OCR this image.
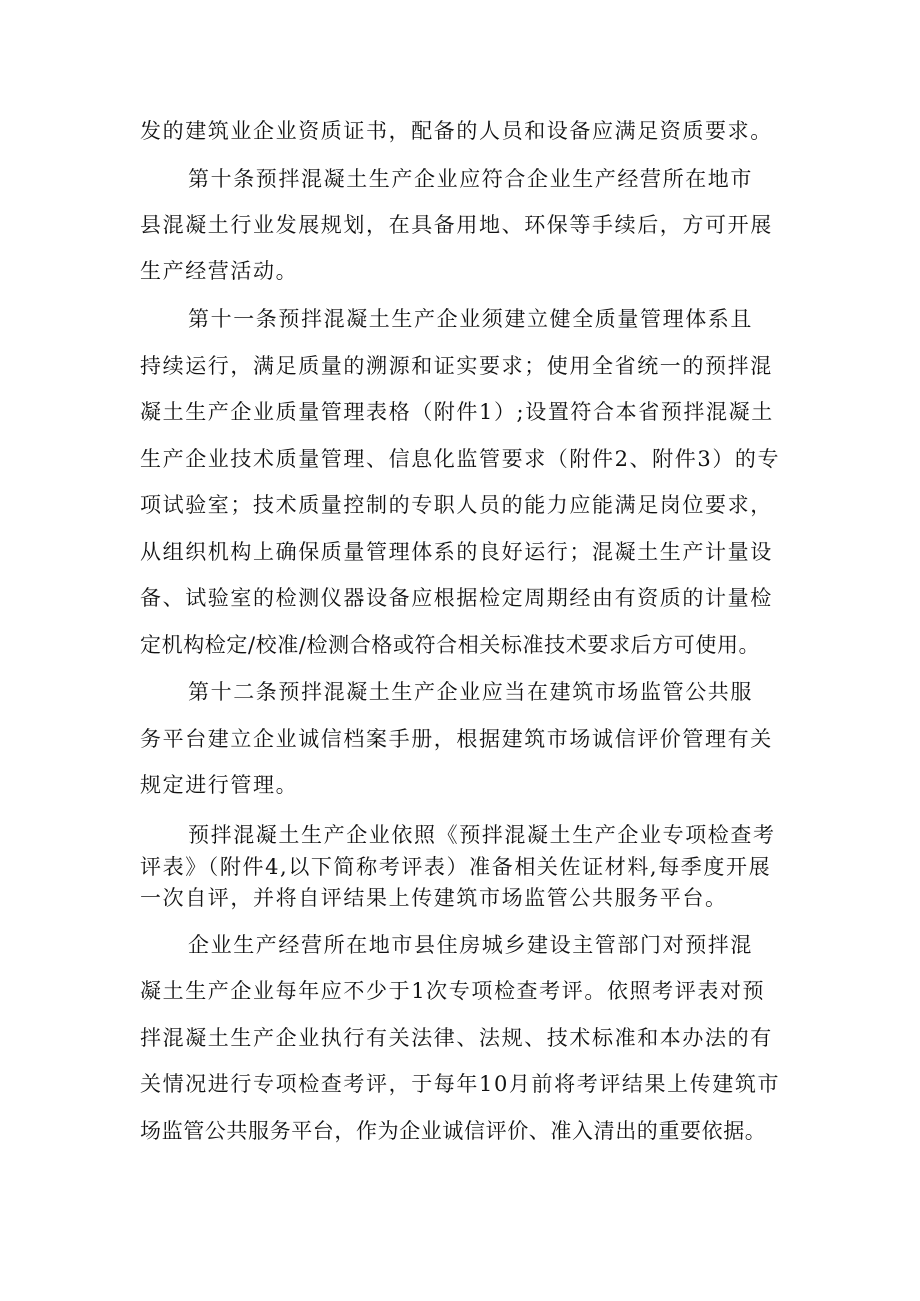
发的建筑业企业资质证书，配备的人员和设备应满足资质要求。
第十条预拌混凝土生产企业应符合企业生产经营所在地市
县混凝土行业发展规划，在具备用地、环保等手续后，方可开展
生产经营活动。
第十一条预拌混凝土生产企业须建立健全质量管理体系且
持续运行，满足质量的溯源和证实要求；使用全省统一的预拌混
凝土生产企业质量管理表格（附件1）;设置符合本省预拌混凝土
生产企业技术质量管理、信息化监管要求（附件2、附件3）的专
项试验室；技术质量控制的专职人员的能力应能满足岗位要求，
从组织机构上确保质量管理体系的良好运行；混凝土生产计量设
备、试验室的检测仪器设备应根据检定周期经由有资质的计量检
定机构检定/校准/检测合格或符合相关标准技术要求后方可使用。
第十二条预拌混凝土生产企业应当在建筑市场监管公共服
务平台建立企业诚信档案手册，根据建筑市场诚信评价管理有关
规定进行管理。
预拌混凝土生产企业依照《预拌混凝土生产企业专项检查考
评表》（附件4,以下简称考评表）准备相关佐证材料,每季度开展
一次自评，并将自评结果上传建筑市场监管公共服务平台。
企业生产经营所在地市县住房城乡建设主管部门对预拌混
凝土生产企业每年应不少于1次专项检查考评。依照考评表对预
拌混凝土生产企业执行有关法律、法规、技术标准和本办法的有
关情况进行专项检查考评，于每年10月前将考评结果上传建筑市
场监管公共服务平台，作为企业诚信评价、准入清出的重要依据。
